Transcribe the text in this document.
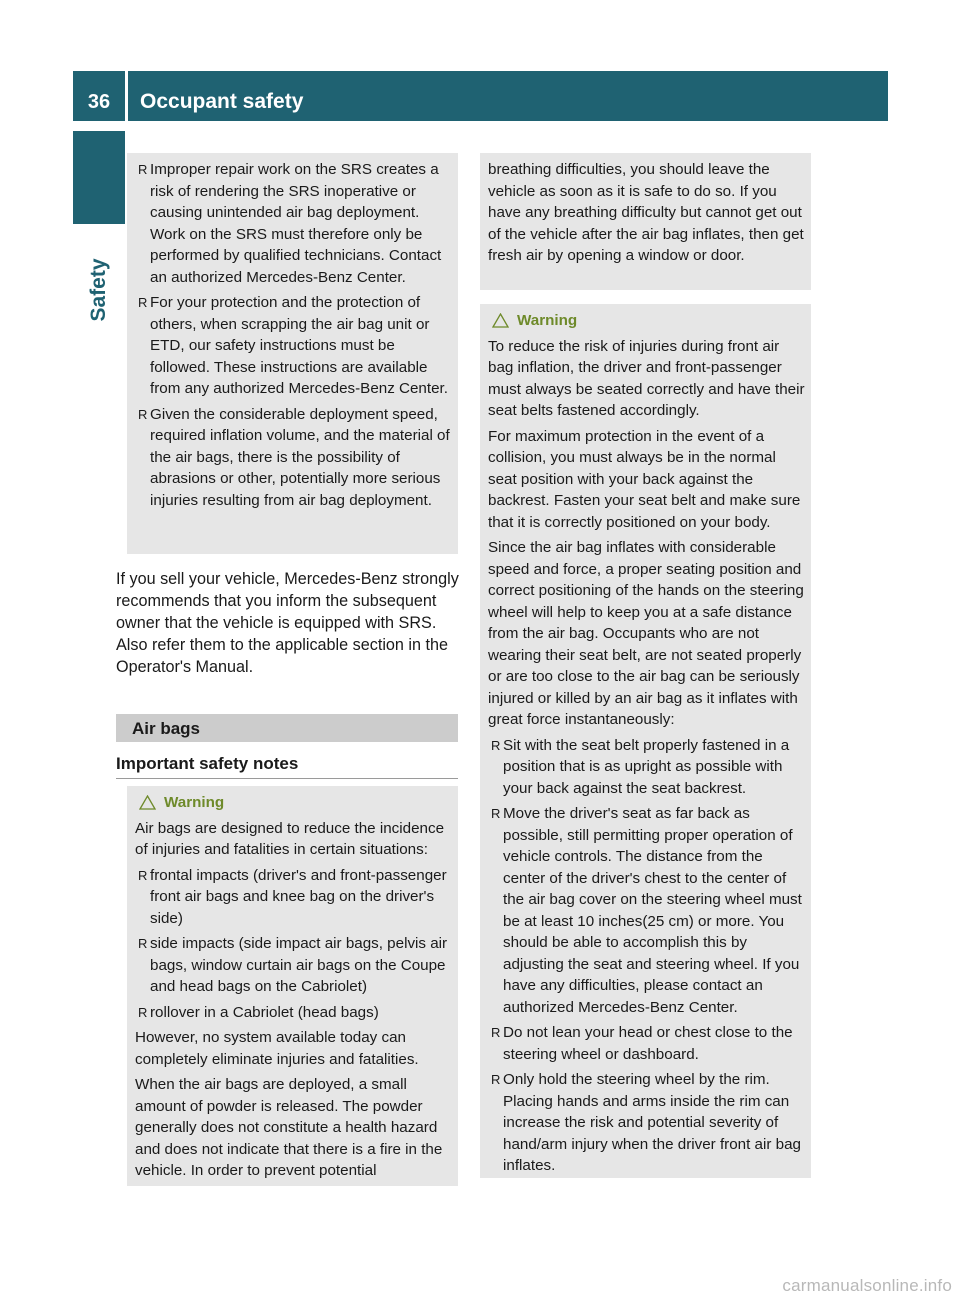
36	Occupant safety
Safety
R Improper repair work on the SRS creates a risk of rendering the SRS inoperative or causing unintended air bag deployment. Work on the SRS must therefore only be performed by qualified technicians. Contact an authorized Mercedes-Benz Center.
R For your protection and the protection of others, when scrapping the air bag unit or ETD, our safety instructions must be followed. These instructions are available from any authorized Mercedes-Benz Center.
R Given the considerable deployment speed, required inflation volume, and the material of the air bags, there is the possibility of abrasions or other, potentially more serious injuries resulting from air bag deployment.

If you sell your vehicle, Mercedes-Benz strongly recommends that you inform the subsequent owner that the vehicle is equipped with SRS. Also refer them to the applicable section in the Operator's Manual.

Air bags
Important safety notes
Warning

Air bags are designed to reduce the incidence of injuries and fatalities in certain situations:

R frontal impacts (driver's and front-passenger front air bags and knee bag on the driver's side)
R side impacts (side impact air bags, pelvis air bags, window curtain air bags on the Coupe and head bags on the Cabriolet)
R rollover in a Cabriolet (head bags)

However, no system available today can completely eliminate injuries and fatalities.

When the air bags are deployed, a small amount of powder is released. The powder generally does not constitute a health hazard and does not indicate that there is a fire in the vehicle. In order to prevent potential

breathing difficulties, you should leave the vehicle as soon as it is safe to do so. If you have any breathing difficulty but cannot get out of the vehicle after the air bag inflates, then get fresh air by opening a window or door.

Warning

To reduce the risk of injuries during front air bag inflation, the driver and front-passenger must always be seated correctly and have their seat belts fastened accordingly.

For maximum protection in the event of a collision, you must always be in the normal seat position with your back against the backrest. Fasten your seat belt and make sure that it is correctly positioned on your body.

Since the air bag inflates with considerable speed and force, a proper seating position and correct positioning of the hands on the steering wheel will help to keep you at a safe distance from the air bag. Occupants who are not wearing their seat belt, are not seated properly or are too close to the air bag can be seriously injured or killed by an air bag as it inflates with great force instantaneously:

R Sit with the seat belt properly fastened in a position that is as upright as possible with your back against the seat backrest.
R Move the driver's seat as far back as possible, still permitting proper operation of vehicle controls. The distance from the center of the driver's chest to the center of the air bag cover on the steering wheel must be at least 10 inches(25 cm) or more. You should be able to accomplish this by adjusting the seat and steering wheel. If you have any difficulties, please contact an authorized Mercedes-Benz Center.
R Do not lean your head or chest close to the steering wheel or dashboard.
R Only hold the steering wheel by the rim. Placing hands and arms inside the rim can increase the risk and potential severity of hand/arm injury when the driver front air bag inflates.
carmanualsonline.info
